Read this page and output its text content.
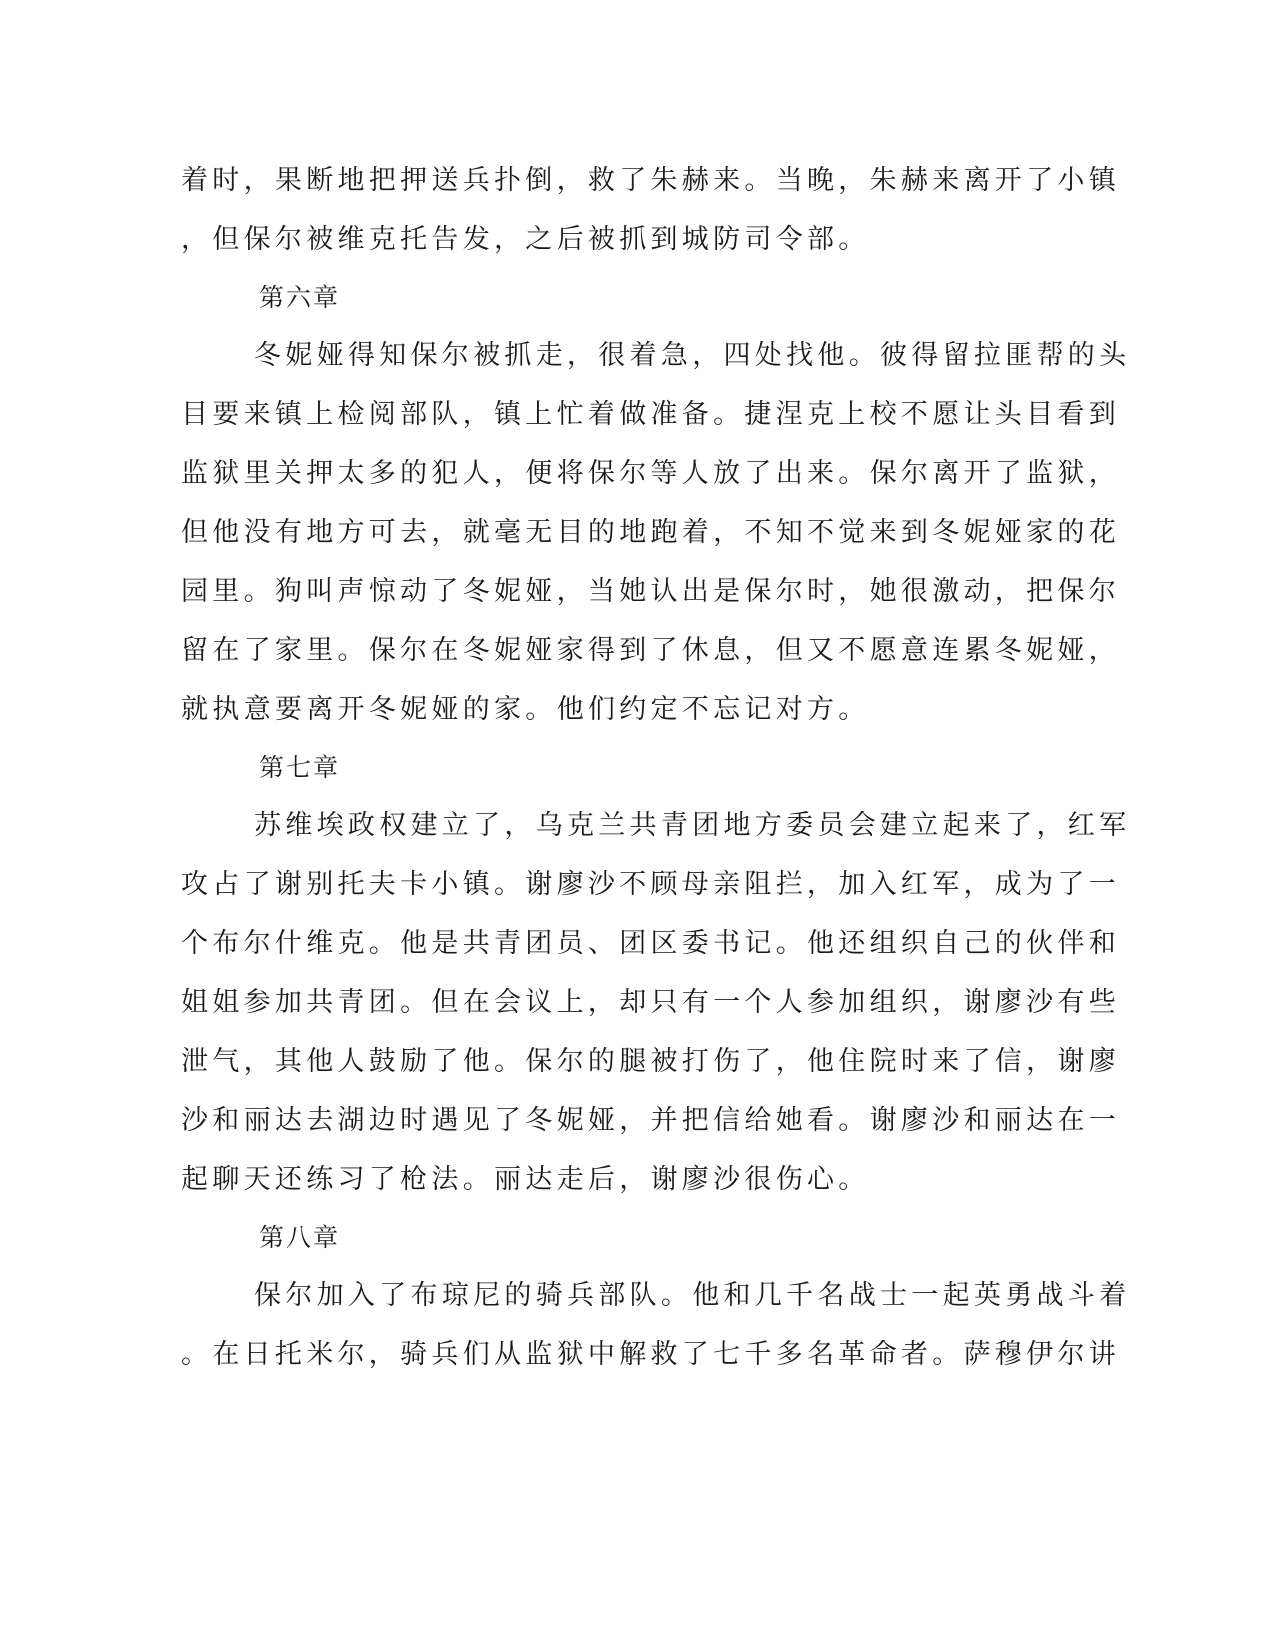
着时，果断地把押送兵扑倒，救了朱赫来。当晚，朱赫来离开了小镇
，但保尔被维克托告发，之后被抓到城防司令部。
第六章
冬妮娅得知保尔被抓走，很着急，四处找他。彼得留拉匪帮的头
目要来镇上检阅部队，镇上忙着做准备。捷涅克上校不愿让头目看到
监狱里关押太多的犯人，便将保尔等人放了出来。保尔离开了监狱，
但他没有地方可去，就毫无目的地跑着，不知不觉来到冬妮娅家的花
园里。狗叫声惊动了冬妮娅，当她认出是保尔时，她很激动，把保尔
留在了家里。保尔在冬妮娅家得到了休息，但又不愿意连累冬妮娅，
就执意要离开冬妮娅的家。他们约定不忘记对方。
第七章
苏维埃政权建立了，乌克兰共青团地方委员会建立起来了，红军
攻占了谢别托夫卡小镇。谢廖沙不顾母亲阻拦，加入红军，成为了一
个布尔什维克。他是共青团员、团区委书记。他还组织自己的伙伴和
姐姐参加共青团。但在会议上，却只有一个人参加组织，谢廖沙有些
泄气，其他人鼓励了他。保尔的腿被打伤了，他住院时来了信，谢廖
沙和丽达去湖边时遇见了冬妮娅，并把信给她看。谢廖沙和丽达在一
起聊天还练习了枪法。丽达走后，谢廖沙很伤心。
第八章
保尔加入了布琼尼的骑兵部队。他和几千名战士一起英勇战斗着
。在日托米尔，骑兵们从监狱中解救了七千多名革命者。萨穆伊尔讲
